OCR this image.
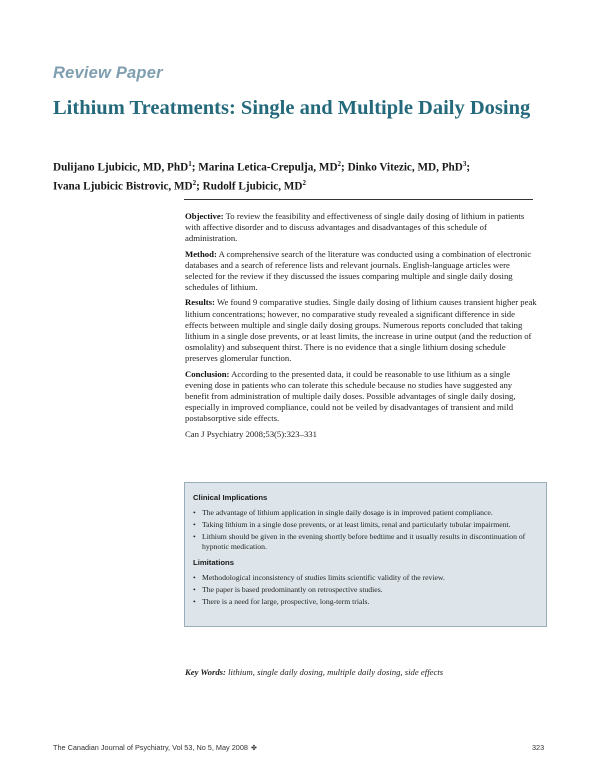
Review Paper
Lithium Treatments: Single and Multiple Daily Dosing
Dulijano Ljubicic, MD, PhD$^1$; Marina Letica-Crepulja, $MD^2$; Dinko Vitezic, MD, PhD$^3$;
Ivana Ljubicic Bistrovic, $MD^2$; Rudolf Ljubicic, $MD^2$

Objective: To review the feasibility and effectiveness of single daily dosing of lithium in patients with affective disorder and to discuss advantages and disadvantages of this schedule of administration.

Method: A comprehensive search of the literature was conducted using a combination of electronic databases and a search of reference lists and relevant journals. English-language articles were selected for the review if they discussed the issues comparing multiple and single daily dosing schedules of lithium.

Results: We found 9 comparative studies. Single daily dosing of lithium causes transient higher peak lithium concentrations; however, no comparative study revealed a significant difference in side effects between multiple and single daily dosing groups. Numerous reports concluded that taking lithium in a single dose prevents, or at least limits, the increase in urine output (and the reduction of osmolality) and subsequent thirst. There is no evidence that a single lithium dosing schedule preserves glomerular function.

Conclusion: According to the presented data, it could be reasonable to use lithium as a single evening dose in patients who can tolerate this schedule because no studies have suggested any benefit from administration of multiple daily doses. Possible advantages of single daily dosing, especially in improved compliance, could not be veiled by disadvantages of transient and mild postabsorptive side effects.

Can J Psychiatry 2008;53(5):323–331

Clinical Implications
• The advantage of lithium application in single daily dosage is in improved patient compliance.
• Taking lithium in a single dose prevents, or at least limits, renal and particularly tubular impairment.
• Lithium should be given in the evening shortly before bedtime and it usually results in discontinuation of hypnotic medication.
Limitations
• Methodological inconsistency of studies limits scientific validity of the review.
• The paper is based predominantly on retrospective studies.
• There is a need for large, prospective, long-term trials.
Key Words: lithium, single daily dosing, multiple daily dosing, side effects
The Canadian Journal of Psychiatry, Vol 53, No 5, May 2008 ✤	323
